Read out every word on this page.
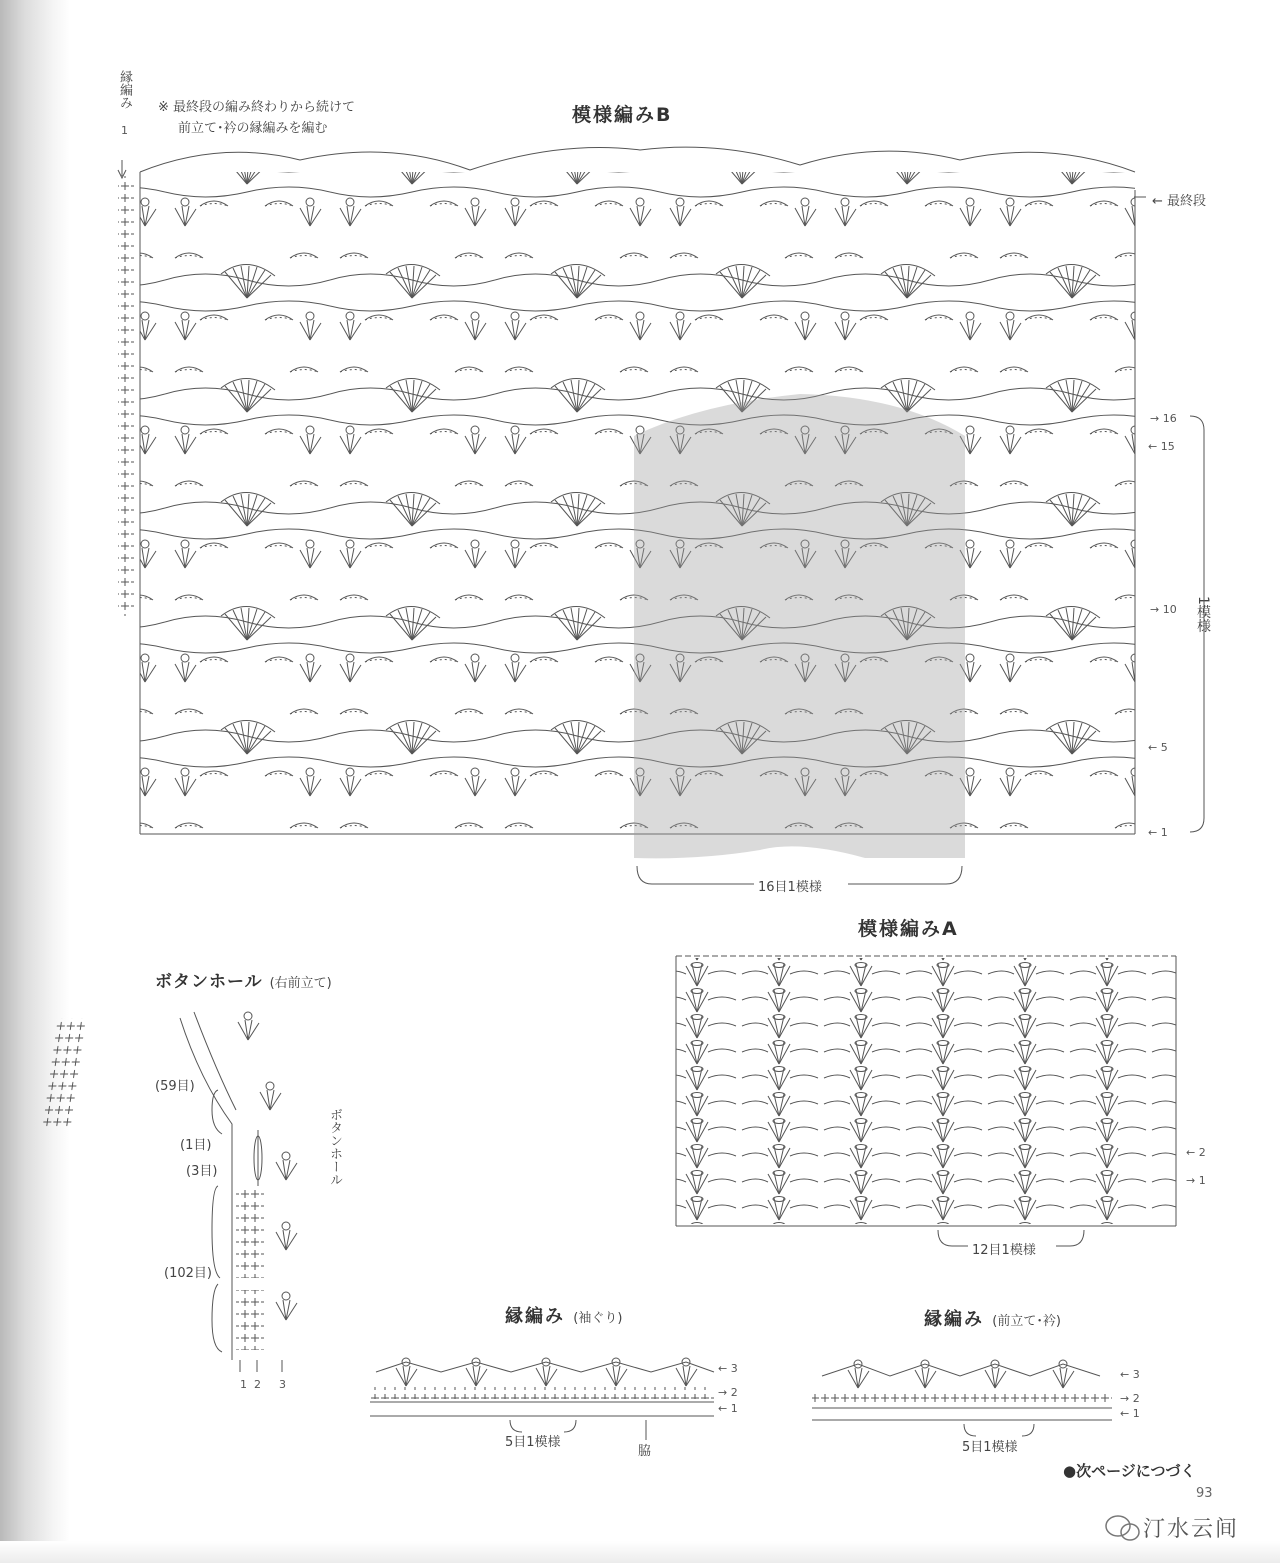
模様編みB
縁編み
1
※ 最終段の編み終わりから続けて
前立て･衿の縁編みを編む
← 最終段
→ 16
← 15
→ 10
← 5
← 1
1模様
16目1模様
模様編みA
← 2
→ 1
12目1模様
ボタンホール (右前立て)
(59目)
(1目)
(3目)
(102目)
ボタンホール
1 2 3
縁編み (袖ぐり)
← 3
→ 2
← 1
5目1模様
脇
縁編み (前立て･衿)
← 3
→ 2
← 1
5目1模様
●次ページにつづく
93
汀水云间
